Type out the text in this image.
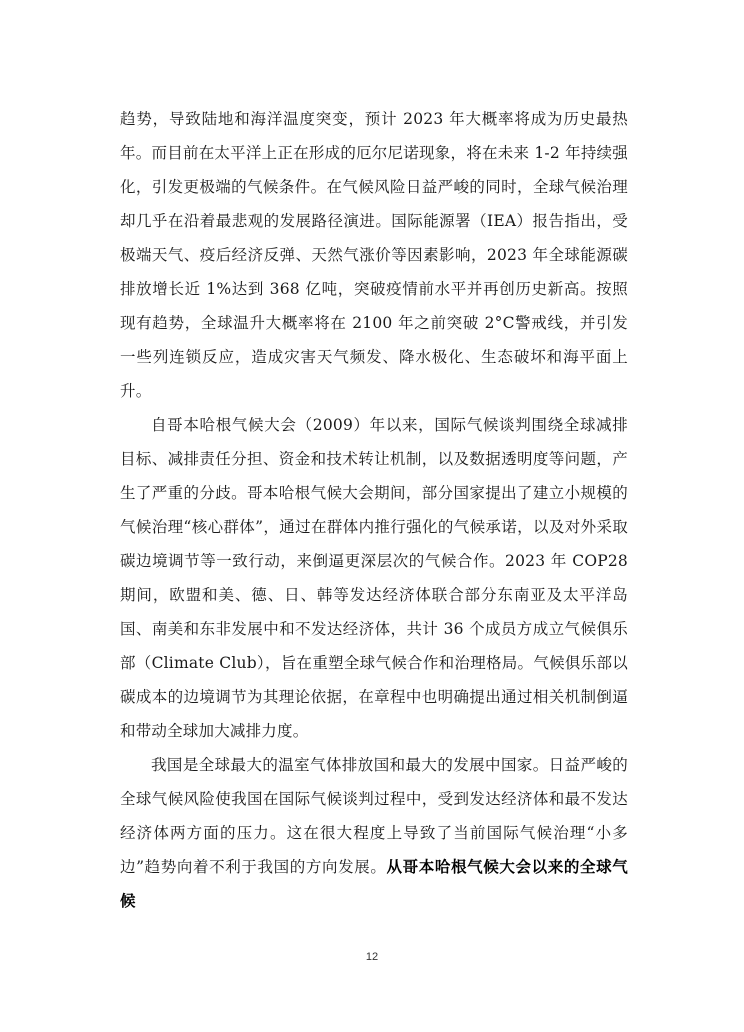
趋势，导致陆地和海洋温度突变，预计 2023 年大概率将成为历史最热年。而目前在太平洋上正在形成的厄尔尼诺现象，将在未来 1-2 年持续强化，引发更极端的气候条件。在气候风险日益严峻的同时，全球气候治理却几乎在沿着最悲观的发展路径演进。国际能源署（IEA）报告指出，受极端天气、疫后经济反弹、天然气涨价等因素影响，2023 年全球能源碳排放增长近 1%达到 368 亿吨，突破疫情前水平并再创历史新高。按照现有趋势，全球温升大概率将在 2100 年之前突破 2°C警戒线，并引发一些列连锁反应，造成灾害天气频发、降水极化、生态破坏和海平面上升。

自哥本哈根气候大会（2009）年以来，国际气候谈判围绕全球减排目标、减排责任分担、资金和技术转让机制，以及数据透明度等问题，产生了严重的分歧。哥本哈根气候大会期间，部分国家提出了建立小规模的气候治理“核心群体”，通过在群体内推行强化的气候承诺，以及对外采取碳边境调节等一致行动，来倒逼更深层次的气候合作。2023 年 COP28 期间，欧盟和美、德、日、韩等发达经济体联合部分东南亚及太平洋岛国、南美和东非发展中和不发达经济体，共计 36 个成员方成立气候俱乐部（Climate Club），旨在重塑全球气候合作和治理格局。气候俱乐部以碳成本的边境调节为其理论依据，在章程中也明确提出通过相关机制倒逼和带动全球加大减排力度。

我国是全球最大的温室气体排放国和最大的发展中国家。日益严峻的全球气候风险使我国在国际气候谈判过程中，受到发达经济体和最不发达经济体两方面的压力。这在很大程度上导致了当前国际气候治理“小多边”趋势向着不利于我国的方向发展。从哥本哈根气候大会以来的全球气候

12
